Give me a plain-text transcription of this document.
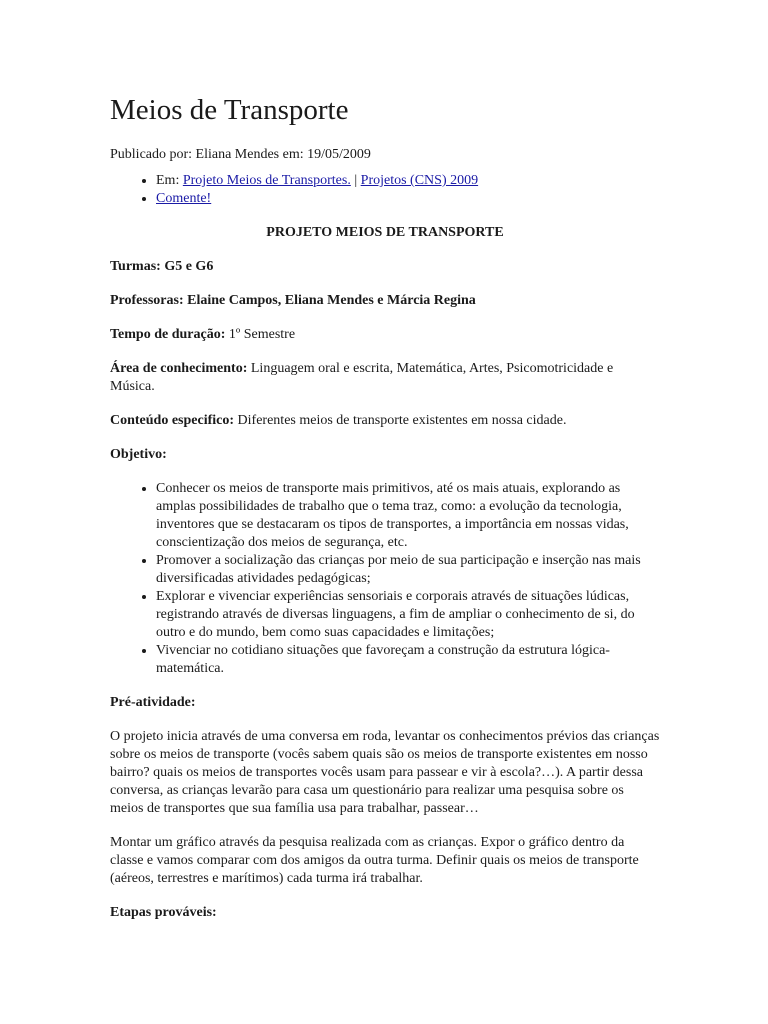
Meios de Transporte
Publicado por: Eliana Mendes em: 19/05/2009
• Em: Projeto Meios de Transportes. | Projetos (CNS) 2009
• Comente!
PROJETO MEIOS DE TRANSPORTE

Turmas: G5 e G6

Professoras: Elaine Campos, Eliana Mendes e Márcia Regina

Tempo de duração: 1º Semestre

Área de conhecimento: Linguagem oral e escrita, Matemática, Artes, Psicomotricidade e Música.

Conteúdo especifico: Diferentes meios de transporte existentes em nossa cidade.

Objetivo:

• Conhecer os meios de transporte mais primitivos, até os mais atuais, explorando as amplas possibilidades de trabalho que o tema traz, como: a evolução da tecnologia, inventores que se destacaram os tipos de transportes, a importância em nossas vidas, conscientização dos meios de segurança, etc.
• Promover a socialização das crianças por meio de sua participação e inserção nas mais diversificadas atividades pedagógicas;
• Explorar e vivenciar experiências sensoriais e corporais através de situações lúdicas, registrando através de diversas linguagens, a fim de ampliar o conhecimento de si, do outro e do mundo, bem como suas capacidades e limitações;
• Vivenciar no cotidiano situações que favoreçam a construção da estrutura lógica-matemática.

Pré-atividade:

O projeto inicia através de uma conversa em roda, levantar os conhecimentos prévios das crianças sobre os meios de transporte (vocês sabem quais são os meios de transporte existentes em nosso bairro? quais os meios de transportes vocês usam para passear e vir à escola?…). A partir dessa conversa, as crianças levarão para casa um questionário para realizar uma pesquisa sobre os meios de transportes que sua família usa para trabalhar, passear…

Montar um gráfico através da pesquisa realizada com as crianças. Expor o gráfico dentro da classe e vamos comparar com dos amigos da outra turma. Definir quais os meios de transporte (aéreos, terrestres e marítimos) cada turma irá trabalhar.

Etapas prováveis:
